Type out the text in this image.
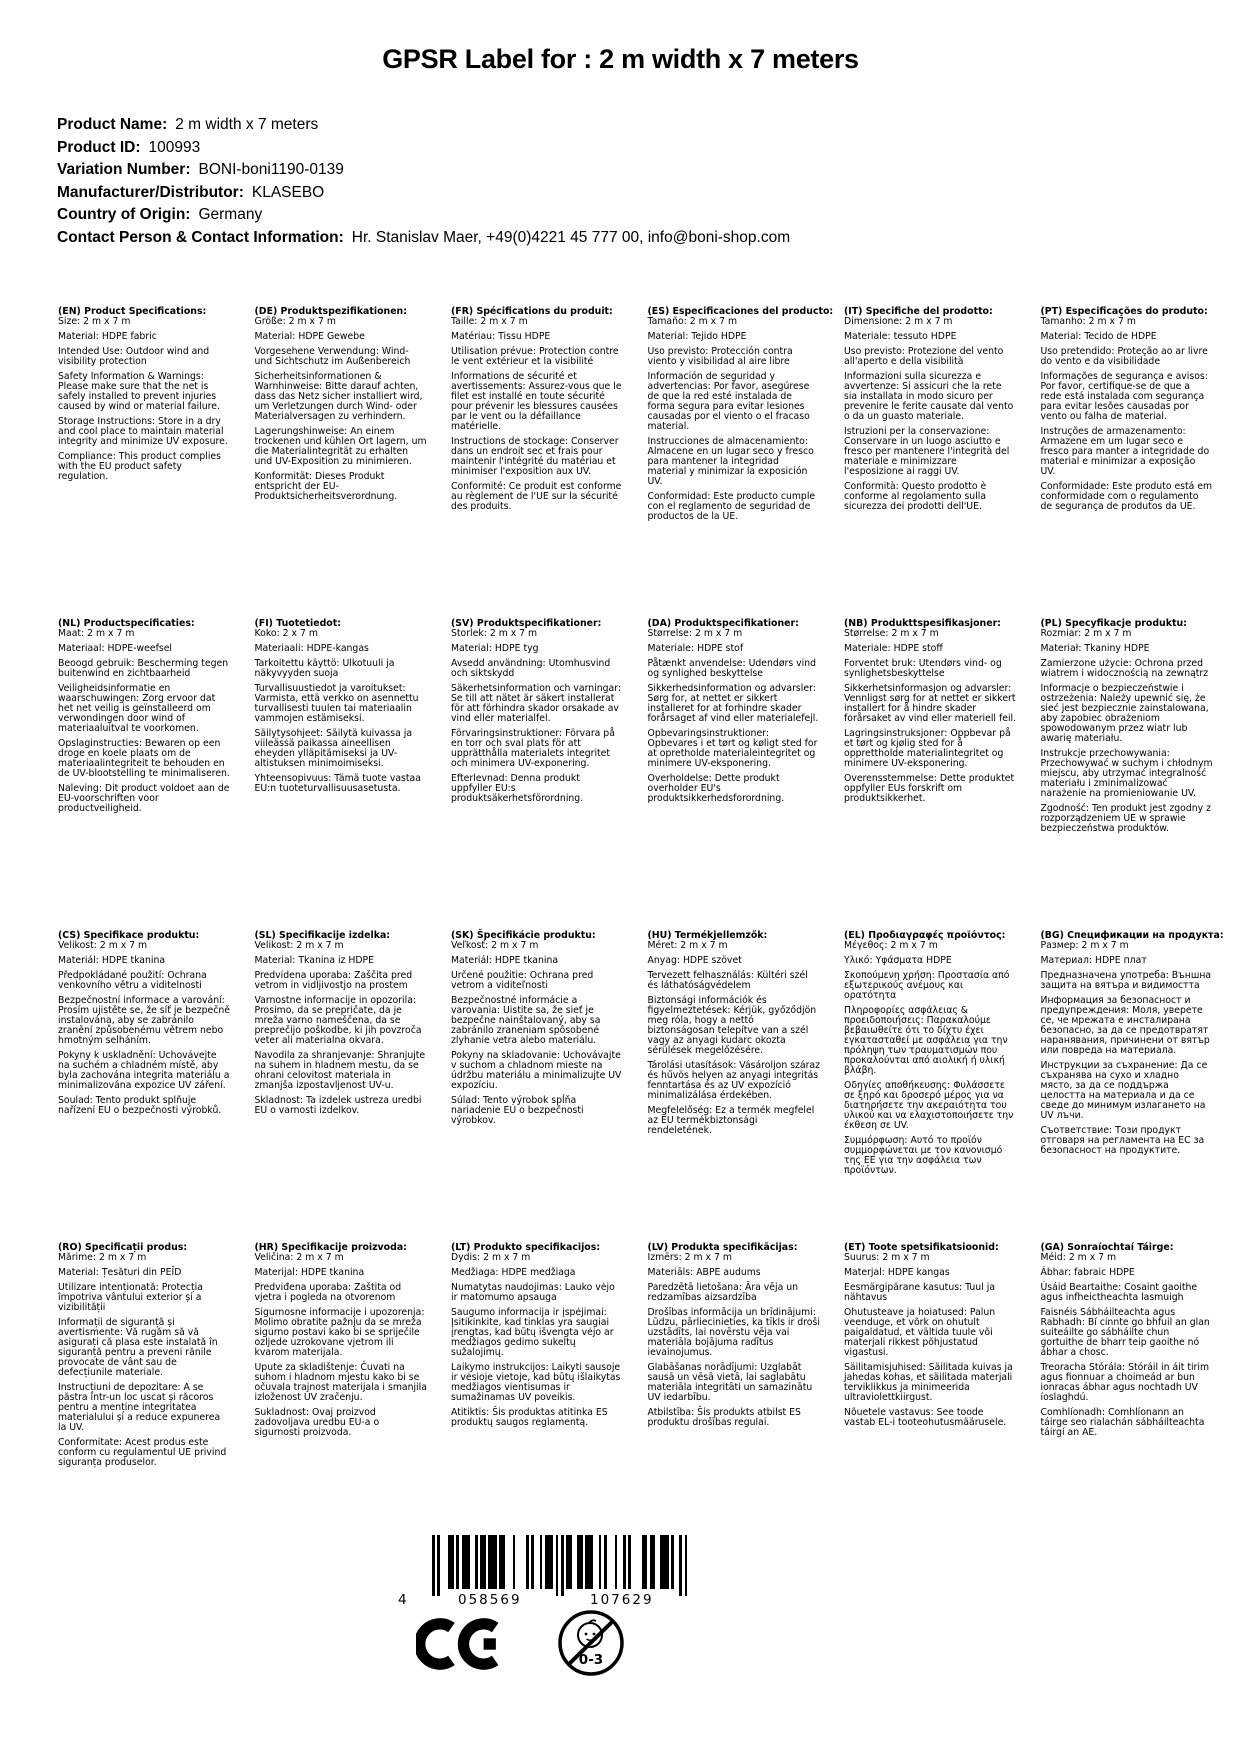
GPSR Label for : 2 m width x 7 meters
Product Name: 2 m width x 7 meters
Product ID: 100993
Variation Number: BONI-boni1190-0139
Manufacturer/Distributor: KLASEBO
Country of Origin: Germany
Contact Person & Contact Information: Hr. Stanislav Maer, +49(0)4221 45 777 00, info@boni-shop.com
(EN) Product Specifications:

Size: 2 m x 7 m

Material: HDPE fabric

Intended Use: Outdoor wind and visibility protection

Safety Information & Warnings: Please make sure that the net is safely installed to prevent injuries caused by wind or material failure.

Storage Instructions: Store in a dry and cool place to maintain material integrity and minimize UV exposure.

Compliance: This product complies with the EU product safety regulation.

(DE) Produktspezifikationen:

Größe: 2 m x 7 m

Material: HDPE Gewebe

Vorgesehene Verwendung: Wind- und Sichtschutz im Außenbereich

Sicherheitsinformationen & Warnhinweise: Bitte darauf achten, dass das Netz sicher installiert wird, um Verletzungen durch Wind- oder Materialversagen zu verhindern.

Lagerungshinweise: An einem trockenen und kühlen Ort lagern, um die Materialintegrität zu erhalten und UV-Exposition zu minimieren.

Konformität: Dieses Produkt entspricht der EU-Produktsicherheitsverordnung.

(FR) Spécifications du produit:

Taille: 2 m x 7 m

Matériau: Tissu HDPE

Utilisation prévue: Protection contre le vent extérieur et la visibilité

Informations de sécurité et avertissements: Assurez-vous que le filet est installé en toute sécurité pour prévenir les blessures causées par le vent ou la défaillance matérielle.

Instructions de stockage: Conserver dans un endroit sec et frais pour maintenir l'intégrité du matériau et minimiser l'exposition aux UV.

Conformité: Ce produit est conforme au règlement de l'UE sur la sécurité des produits.

(ES) Especificaciones del producto:

Tamaño: 2 m x 7 m

Material: Tejido HDPE

Uso previsto: Protección contra viento y visibilidad al aire libre

Información de seguridad y advertencias: Por favor, asegúrese de que la red esté instalada de forma segura para evitar lesiones causadas por el viento o el fracaso material.

Instrucciones de almacenamiento: Almacene en un lugar seco y fresco para mantener la integridad material y minimizar la exposición UV.

Conformidad: Este producto cumple con el reglamento de seguridad de productos de la UE.

(IT) Specifiche del prodotto:

Dimensione: 2 m x 7 m

Materiale: tessuto HDPE

Uso previsto: Protezione del vento all'aperto e della visibilità

Informazioni sulla sicurezza e avvertenze: Si assicuri che la rete sia installata in modo sicuro per prevenire le ferite causate dal vento o da un guasto materiale.

Istruzioni per la conservazione: Conservare in un luogo asciutto e fresco per mantenere l'integrità del materiale e minimizzare l'esposizione ai raggi UV.

Conformità: Questo prodotto è conforme al regolamento sulla sicurezza dei prodotti dell'UE.

(PT) Especificações do produto:

Tamanho: 2 m x 7 m

Material: Tecido de HDPE

Uso pretendido: Proteção ao ar livre do vento e da visibilidade

Informações de segurança e avisos: Por favor, certifique-se de que a rede está instalada com segurança para evitar lesões causadas por vento ou falha de material.

Instruções de armazenamento: Armazene em um lugar seco e fresco para manter a integridade do material e minimizar a exposição UV.

Conformidade: Este produto está em conformidade com o regulamento de segurança de produtos da UE.

(NL) Productspecificaties:

Maat: 2 m x 7 m

Materiaal: HDPE-weefsel

Beoogd gebruik: Bescherming tegen buitenwind en zichtbaarheid

Veiligheidsinformatie en waarschuwingen: Zorg ervoor dat het net veilig is geïnstalleerd om verwondingen door wind of materiaaluitval te voorkomen.

Opslaginstructies: Bewaren op een droge en koele plaats om de materiaalintegriteit te behouden en de UV-blootstelling te minimaliseren.

Naleving: Dit product voldoet aan de EU-voorschriften voor productveiligheid.

(FI) Tuotetiedot:

Koko: 2 x 7 m

Materiaali: HDPE-kangas

Tarkoitettu käyttö: Ulkotuuli ja näkyvyyden suoja

Turvallisuustiedot ja varoitukset: Varmista, että verkko on asennettu turvallisesti tuulen tai materiaalin vammojen estämiseksi.

Säilytysohjeet: Säilytä kuivassa ja viileässä paikassa aineellisen eheyden ylläpitämiseksi ja UV-altistuksen minimoimiseksi.

Yhteensopivuus: Tämä tuote vastaa EU:n tuoteturvallisuusasetusta.

(SV) Produktspecifikationer:

Storlek: 2 m x 7 m

Material: HDPE tyg

Avsedd användning: Utomhusvind och siktskydd

Säkerhetsinformation och varningar: Se till att nätet är säkert installerat för att förhindra skador orsakade av vind eller materialfel.

Förvaringsinstruktioner: Förvara på en torr och sval plats för att upprätthålla materialets integritet och minimera UV-exponering.

Efterlevnad: Denna produkt uppfyller EU:s produktsäkerhetsförordning.

(DA) Produktspecifikationer:

Størrelse: 2 m x 7 m

Materiale: HDPE stof

Påtænkt anvendelse: Udendørs vind og synlighed beskyttelse

Sikkerhedsinformation og advarsler: Sørg for, at nettet er sikkert installeret for at forhindre skader forårsaget af vind eller materialefejl.

Opbevaringsinstruktioner: Opbevares i et tørt og køligt sted for at opretholde materialeintegritet og minimere UV-eksponering.

Overholdelse: Dette produkt overholder EU's produktsikkerhedsforordning.

(NB) Produkttspesifikasjoner:

Størrelse: 2 m x 7 m

Materiale: HDPE stoff

Forventet bruk: Utendørs vind- og synlighetsbeskyttelse

Sikkerhetsinformasjon og advarsler: Vennligst sørg for at nettet er sikkert installert for å hindre skader forårsaket av vind eller materiell feil.

Lagringsinstruksjoner: Oppbevar på et tørt og kjølig sted for å opprettholde materialintegritet og minimere UV-eksponering.

Overensstemmelse: Dette produktet oppfyller EUs forskrift om produktsikkerhet.

(PL) Specyfikacje produktu:

Rozmiar: 2 m x 7 m

Materiał: Tkaniny HDPE

Zamierzone użycie: Ochrona przed wiatrem i widocznością na zewnątrz

Informacje o bezpieczeństwie i ostrzeżenia: Należy upewnić się, że sieć jest bezpiecznie zainstalowana, aby zapobiec obrażeniom spowodowanym przez wiatr lub awarię materiału.

Instrukcje przechowywania: Przechowywać w suchym i chłodnym miejscu, aby utrzymać integralność materiału i zminimalizować narażenie na promieniowanie UV.

Zgodność: Ten produkt jest zgodny z rozporządzeniem UE w sprawie bezpieczeństwa produktów.

(CS) Specifikace produktu:

Velikost: 2 m x 7 m

Materiál: HDPE tkanina

Předpokládané použití: Ochrana venkovního větru a viditelnosti

Bezpečnostní informace a varování: Prosím ujistěte se, že síť je bezpečně instalována, aby se zabránilo zranění způsobenému větrem nebo hmotným selháním.

Pokyny k uskladnění: Uchovávejte na suchém a chladném místě, aby byla zachována integrita materiálu a minimalizována expozice UV záření.

Soulad: Tento produkt splňuje nařízení EU o bezpečnosti výrobků.

(SL) Specifikacije izdelka:

Velikost: 2 m x 7 m

Material: Tkanina iz HDPE

Predvidena uporaba: Zaščita pred vetrom in vidljivostjo na prostem

Varnostne informacije in opozorila: Prosimo, da se prepričate, da je mreža varno nameščena, da se preprečijo poškodbe, ki jih povzroča veter ali materialna okvara.

Navodila za shranjevanje: Shranjujte na suhem in hladnem mestu, da se ohrani celovitost materiala in zmanjša izpostavljenost UV-u.

Skladnost: Ta izdelek ustreza uredbi EU o varnosti izdelkov.

(SK) Špecifikácie produktu:

Veľkosť: 2 m x 7 m

Materiál: HDPE tkanina

Určené použitie: Ochrana pred vetrom a viditeľnosti

Bezpečnostné informácie a varovania: Uistite sa, že sieť je bezpečne nainštalovaný, aby sa zabránilo zraneniam spôsobené zlyhanie vetra alebo materiálu.

Pokyny na skladovanie: Uchovávajte v suchom a chladnom mieste na údržbu materiálu a minimalizujte UV expozíciu.

Súlad: Tento výrobok spĺňa nariadenie EÚ o bezpečnosti výrobkov.

(HU) Termékjellemzők:

Méret: 2 m x 7 m

Anyag: HDPE szövet

Tervezett felhasználás: Kültéri szél és láthatóságvédelem

Biztonsági információk és figyelmeztetések: Kérjük, győződjön meg róla, hogy a nettó biztonságosan telepítve van a szél vagy az anyagi kudarc okozta sérülések megelőzésére.

Tárolási utasítások: Vásároljon száraz és hűvös helyen az anyagi integritás fenntartása és az UV expozíció minimalizálása érdekében.

Megfelelőség: Ez a termék megfelel az EU termékbiztonsági rendeletének.

(EL) Προδιαγραφές προϊόντος:

Μέγεθος: 2 m x 7 m

Υλικό: Υφάσματα HDPE

Σκοπούμενη χρήση: Προστασία από εξωτερικούς ανέμους και ορατότητα

Πληροφορίες ασφάλειας & προειδοποιήσεις: Παρακαλούμε βεβαιωθείτε ότι το δίχτυ έχει εγκατασταθεί με ασφάλεια για την πρόληψη των τραυματισμών που προκαλούνται από αιολική ή υλική βλάβη.

Οδηγίες αποθήκευσης: Φυλάσσετε σε ξηρό και δροσερό μέρος για να διατηρήσετε την ακεραιότητα του υλικού και να ελαχιστοποιήσετε την έκθεση σε UV.

Συμμόρφωση: Αυτό το προϊόν συμμορφώνεται με τον κανονισμό της ΕΕ για την ασφάλεια των προϊόντων.

(BG) Спецификации на продукта:

Размер: 2 m x 7 m

Материал: HDPE плат

Предназначена употреба: Външна защита на вятъра и видимостта

Информация за безопасност и предупреждения: Моля, уверете се, че мрежата е инсталирана безопасно, за да се предотвратят наранявания, причинени от вятър или повреда на материала.

Инструкции за съхранение: Да се съхранява на сухо и хладно място, за да се поддържа целостта на материала и да се сведе до минимум излагането на UV лъчи.

Съответствие: Този продукт отговаря на регламента на ЕС за безопасност на продуктите.

(RO) Specificații produs:

Mărime: 2 m x 7 m

Material: Țesături din PEÎD

Utilizare intenționată: Protecția împotriva vântului exterior și a vizibilității

Informații de siguranță și avertismente: Vă rugăm să vă asigurați că plasa este instalată în siguranță pentru a preveni rănile provocate de vânt sau de defecțiunile materiale.

Instrucțiuni de depozitare: A se păstra într-un loc uscat și răcoros pentru a menține integritatea materialului și a reduce expunerea la UV.

Conformitate: Acest produs este conform cu regulamentul UE privind siguranța produselor.

(HR) Specifikacije proizvoda:

Veličina: 2 m x 7 m

Materijal: HDPE tkanina

Predviđena uporaba: Zaštita od vjetra i pogleda na otvorenom

Sigurnosne informacije i upozorenja: Molimo obratite pažnju da se mreža sigurno postavi kako bi se spriječile ozljede uzrokovane vjetrom ili kvarom materijala.

Upute za skladištenje: Čuvati na suhom i hladnom mjestu kako bi se očuvala trajnost materijala i smanjila izloženost UV zračenju.

Sukladnost: Ovaj proizvod zadovoljava uredbu EU-a o sigurnosti proizvoda.

(LT) Produkto specifikacijos:

Dydis: 2 m x 7 m

Medžiaga: HDPE medžiaga

Numatytas naudojimas: Lauko vėjo ir matomumo apsauga

Saugumo informacija ir įspėjimai: Įsitikinkite, kad tinklas yra saugiai įrengtas, kad būtų išvengta vėjo ar medžiagos gedimo sukeltų sužalojimų.

Laikymo instrukcijos: Laikyti sausoje ir vėsioje vietoje, kad būtų išlaikytas medžiagos vientisumas ir sumažinamas UV poveikis.

Atitiktis: Šis produktas atitinka ES produktų saugos reglamentą.

(LV) Produkta specifikācijas:

Izmērs: 2 m x 7 m

Materiāls: ABPE audums

Paredzētā lietošana: Āra vēja un redzamības aizsardzība

Drošības informācija un brīdinājumi: Lūdzu, pārliecinieties, ka tīkls ir droši uzstādīts, lai novērstu vēja vai materiāla bojājuma radītus ievainojumus.

Glabāšanas norādījumi: Uzglabāt sausā un vēsā vietā, lai saglabātu materiāla integritāti un samazinātu UV iedarbību.

Atbilstība: Šis produkts atbilst ES produktu drošības regulai.

(ET) Toote spetsifikatsioonid:

Suurus: 2 m x 7 m

Materjal: HDPE kangas

Eesmärgipärane kasutus: Tuul ja nähtavus

Ohutusteave ja hoiatused: Palun veenduge, et võrk on ohutult paigaldatud, et vältida tuule või materjali rikkest põhjustatud vigastusi.

Säilitamisjuhised: Säilitada kuivas ja jahedas kohas, et säilitada materjali terviklikkus ja minimeerida ultraviolettkiirgust.

Nõuetele vastavus: See toode vastab EL-i tooteohutusmäärusele.

(GA) Sonraíochtaí Táirge:

Méid: 2 m x 7 m

Ábhar: fabraic HDPE

Úsáid Beartaithe: Cosaint gaoithe agus infheictheachta lasmuigh

Faisnéis Sábháilteachta agus Rabhadh: Bí cinnte go bhfuil an glan suiteáilte go sábháilte chun gortuithe de bharr teip gaoithe nó ábhar a chosc.

Treoracha Stórála: Stóráil in áit tirim agus fionnuar a choimeád ar bun ionracas ábhar agus nochtadh UV íoslaghdú.

Comhlíonadh: Comhlíonann an táirge seo rialachán sábháilteachta táirgí an AE.

4	058569	107629
0-3
